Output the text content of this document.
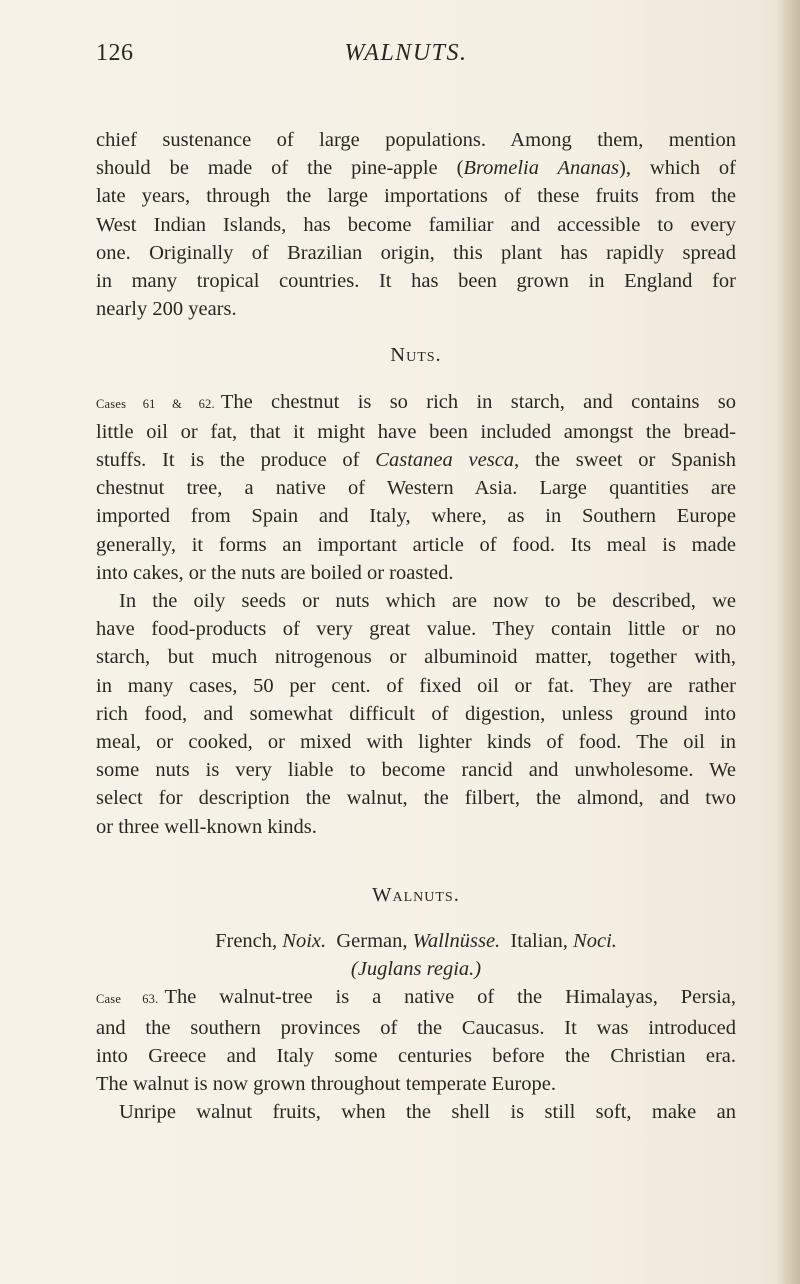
126	WALNUTS.
chief sustenance of large populations. Among them, mention
should be made of the pine-apple (Bromelia Ananas), which of
late years, through the large importations of these fruits from the
West Indian Islands, has become familiar and accessible to every
one. Originally of Brazilian origin, this plant has rapidly spread
in many tropical countries. It has been grown in England for
nearly 200 years.
Nuts.
Cases 61 & 62. The chestnut is so rich in starch, and contains so
little oil or fat, that it might have been included amongst the bread-
stuffs. It is the produce of Castanea vesca, the sweet or Spanish
chestnut tree, a native of Western Asia. Large quantities are
imported from Spain and Italy, where, as in Southern Europe
generally, it forms an important article of food. Its meal is made
into cakes, or the nuts are boiled or roasted.
In the oily seeds or nuts which are now to be described, we
have food-products of very great value. They contain little or no
starch, but much nitrogenous or albuminoid matter, together with,
in many cases, 50 per cent. of fixed oil or fat. They are rather
rich food, and somewhat difficult of digestion, unless ground into
meal, or cooked, or mixed with lighter kinds of food. The oil in
some nuts is very liable to become rancid and unwholesome. We
select for description the walnut, the filbert, the almond, and two
or three well-known kinds.
Walnuts.
French, Noix. German, Wallnüsse. Italian, Noci.
(Juglans regia.)
Case 63. The walnut-tree is a native of the Himalayas, Persia,
and the southern provinces of the Caucasus. It was introduced
into Greece and Italy some centuries before the Christian era.
The walnut is now grown throughout temperate Europe.
Unripe walnut fruits, when the shell is still soft, make an
